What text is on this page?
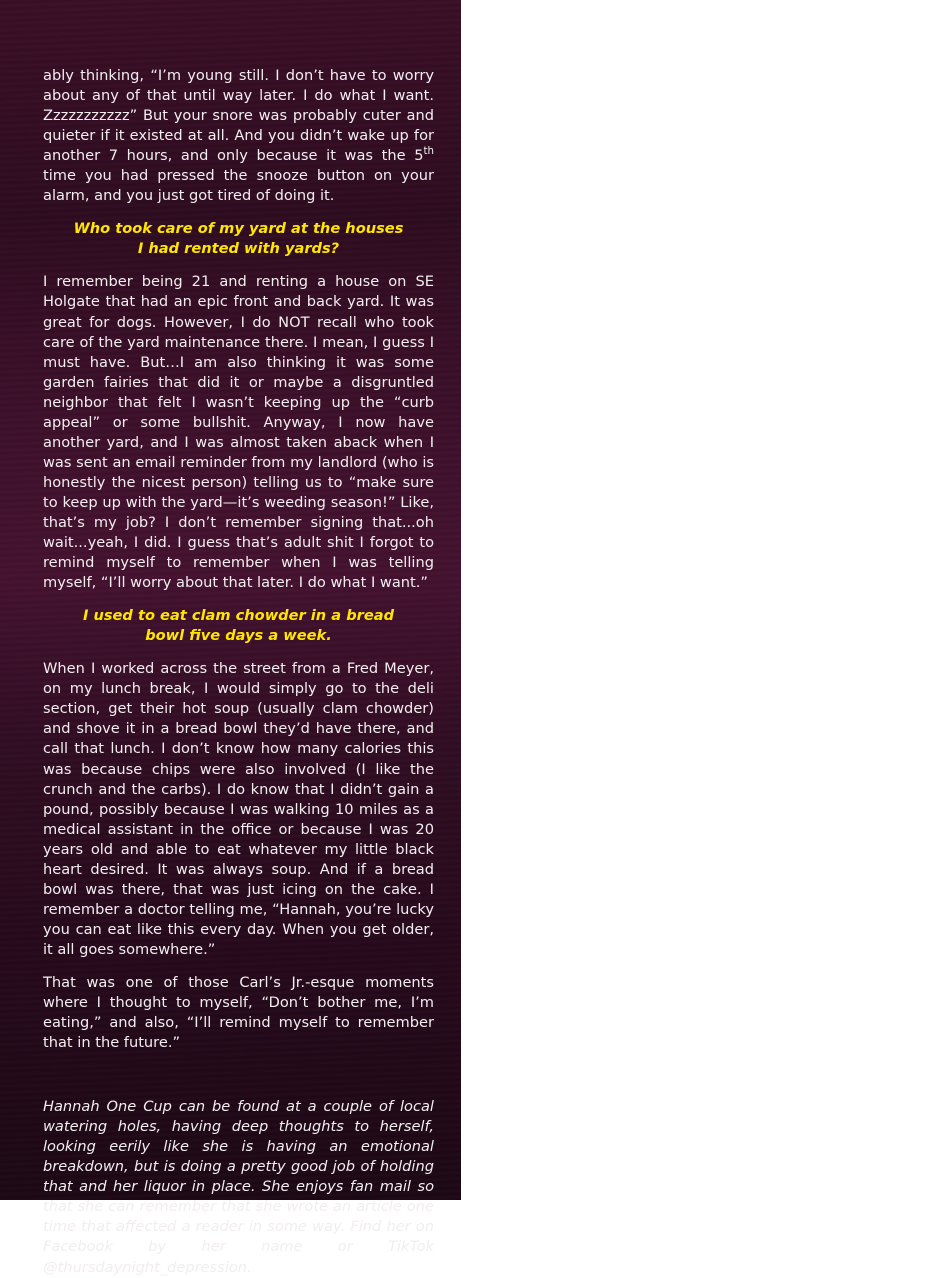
ably thinking, “I’m young still. I don’t have to worry about any of that until way later. I do what I want. Zzzzzzzzzzz” But your snore was probably cuter and quieter if it existed at all. And you didn’t wake up for another 7 hours, and only because it was the 5th time you had pressed the snooze button on your alarm, and you just got tired of doing it.

Who took care of my yard at the houses I had rented with yards?

I remember being 21 and renting a house on SE Holgate that had an epic front and back yard. It was great for dogs. However, I do NOT recall who took care of the yard maintenance there. I mean, I guess I must have. But…I am also thinking it was some garden fairies that did it or maybe a disgruntled neighbor that felt I wasn’t keeping up the “curb appeal” or some bullshit. Anyway, I now have another yard, and I was almost taken aback when I was sent an email reminder from my landlord (who is honestly the nicest person) telling us to “make sure to keep up with the yard—it’s weeding season!” Like, that’s my job? I don’t remember signing that...oh wait...yeah, I did. I guess that’s adult shit I forgot to remind myself to remember when I was telling myself, “I’ll worry about that later. I do what I want.”

I used to eat clam chowder in a bread bowl five days a week.

When I worked across the street from a Fred Meyer, on my lunch break, I would simply go to the deli section, get their hot soup (usually clam chowder) and shove it in a bread bowl they’d have there, and call that lunch. I don’t know how many calories this was because chips were also involved (I like the crunch and the carbs). I do know that I didn’t gain a pound, possibly because I was walking 10 miles as a medical assistant in the office or because I was 20 years old and able to eat whatever my little black heart desired. It was always soup. And if a bread bowl was there, that was just icing on the cake. I remember a doctor telling me, “Hannah, you’re lucky you can eat like this every day. When you get older, it all goes somewhere.”

That was one of those Carl’s Jr.-esque moments where I thought to myself, “Don’t bother me, I’m eating,” and also, “I’ll remind myself to remember that in the future.”

Hannah One Cup can be found at a couple of local watering holes, having deep thoughts to herself, looking eerily like she is having an emotional breakdown, but is doing a pretty good job of holding that and her liquor in place. She enjoys fan mail so that she can remember that she wrote an article one time that affected a reader in some way. Find her on Facebook by her name or TikTok @thursdaynight_depression.
